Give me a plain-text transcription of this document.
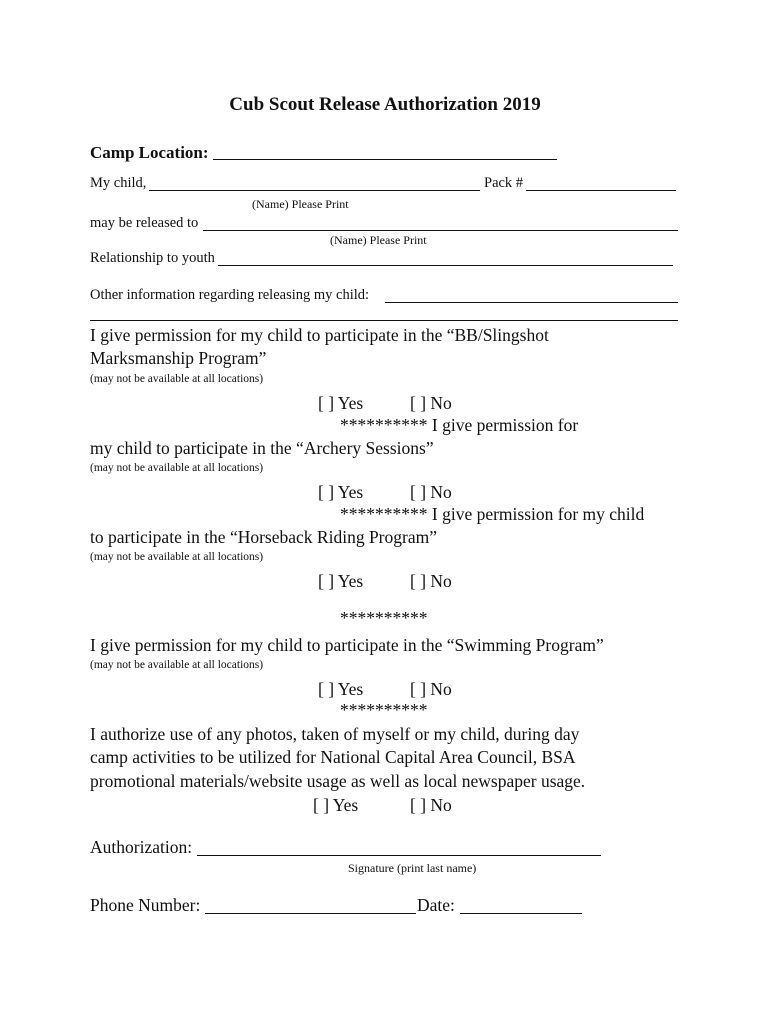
Cub Scout Release Authorization 2019
Camp Location:
My child,	Pack #
(Name) Please Print
may be released to
(Name) Please Print
Relationship to youth
Other information regarding releasing my child:
I give permission for my child to participate in the “BB/Slingshot
Marksmanship Program”
(may not be available at all locations)
[ ] Yes	[ ] No
********** I give permission for
my child to participate in the “Archery Sessions”
(may not be available at all locations)
[ ] Yes	[ ] No
********** I give permission for my child
to participate in the “Horseback Riding Program”
(may not be available at all locations)
[ ] Yes	[ ] No
**********
I give permission for my child to participate in the “Swimming Program”
(may not be available at all locations)
[ ] Yes	[ ] No
**********
I authorize use of any photos, taken of myself or my child, during day
camp activities to be utilized for National Capital Area Council, BSA
promotional materials/website usage as well as local newspaper usage.
[ ] Yes	[ ] No
Authorization:
Signature (print last name)
Phone Number:	Date:
